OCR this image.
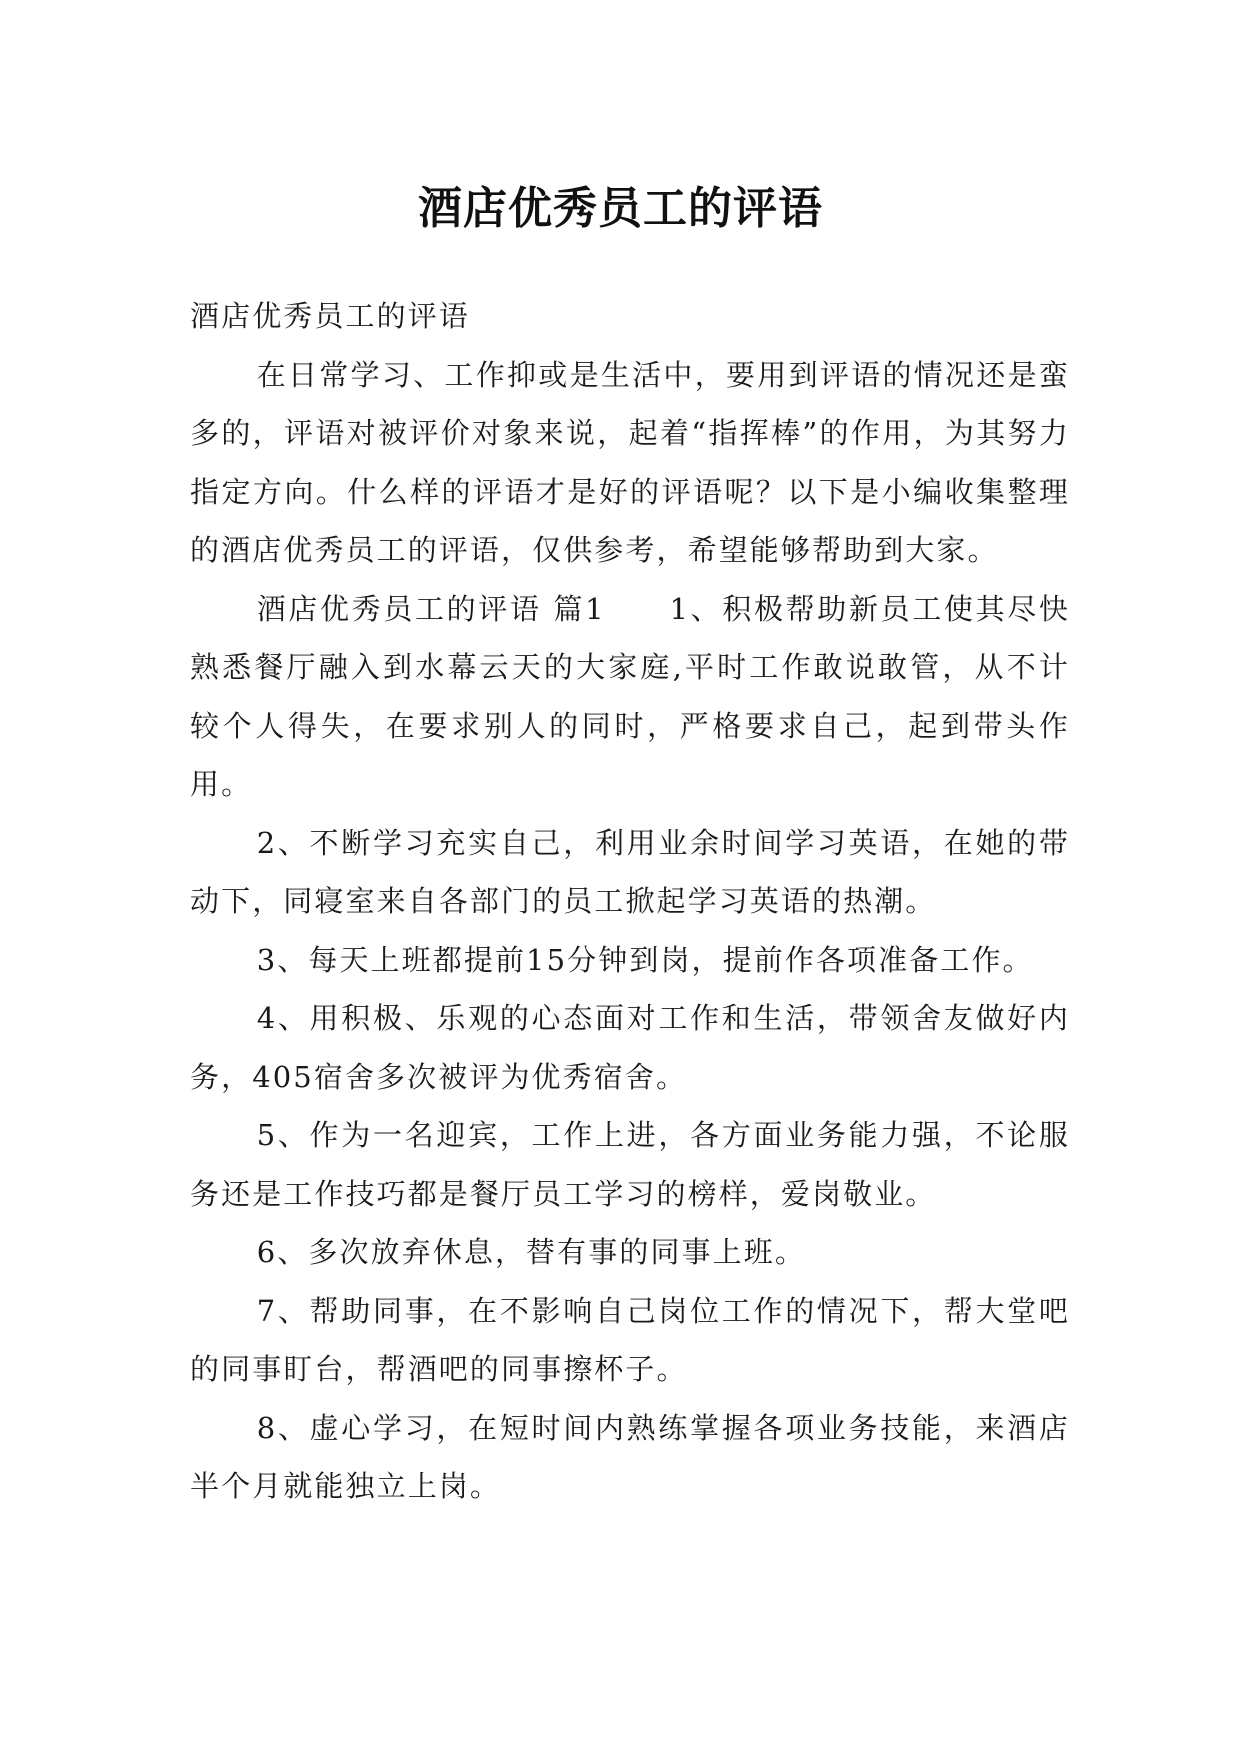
酒店优秀员工的评语

酒店优秀员工的评语

在日常学习、工作抑或是生活中，要用到评语的情况还是蛮多的，评语对被评价对象来说，起着“指挥棒”的作用，为其努力指定方向。什么样的评语才是好的评语呢？以下是小编收集整理的酒店优秀员工的评语，仅供参考，希望能够帮助到大家。

酒店优秀员工的评语 篇1　　1、积极帮助新员工使其尽快熟悉餐厅融入到水幕云天的大家庭,平时工作敢说敢管，从不计较个人得失，在要求别人的同时，严格要求自己，起到带头作用。

2、不断学习充实自己，利用业余时间学习英语，在她的带动下，同寝室来自各部门的员工掀起学习英语的热潮。

3、每天上班都提前15分钟到岗，提前作各项准备工作。

4、用积极、乐观的心态面对工作和生活，带领舍友做好内务，405宿舍多次被评为优秀宿舍。

5、作为一名迎宾，工作上进，各方面业务能力强，不论服务还是工作技巧都是餐厅员工学习的榜样，爱岗敬业。

6、多次放弃休息，替有事的同事上班。

7、帮助同事，在不影响自己岗位工作的情况下，帮大堂吧的同事盯台，帮酒吧的同事擦杯子。

8、虚心学习，在短时间内熟练掌握各项业务技能，来酒店半个月就能独立上岗。
